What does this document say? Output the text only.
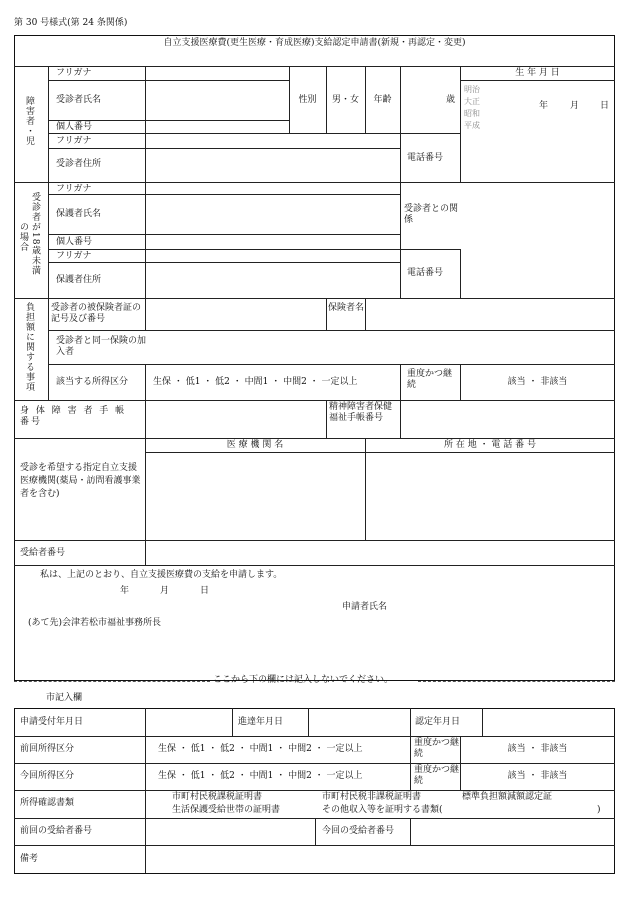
第 30 号様式(第 24 条関係)
自立支援医療費(更生医療・育成医療)支給認定申請書(新規・再認定・変更)
障害者・児
フリガナ
受診者氏名	性別	男・女	年齢	歳
生 年 月 日
明治
大正
昭和
平成
年 月 日
個人番号
フリガナ
受診者住所
電話番号
受診者が18歳未満
の場合
フリガナ
保護者氏名	受診者との関係
個人番号
フリガナ
保護者住所
電話番号
負担額に関する事項 受診者の被保険者証の記号及び番号
保険者名
受診者と同一保険の加入者
該当する所得区分	生保 ・ 低1 ・ 低2 ・ 中間1 ・ 中間2 ・ 一定以上
重度かつ継続	該当 ・ 非該当
身 体 障 害 者 手 帳 番号
精神障害者保健福祉手帳番号
医 療 機 関 名	所 在 地 ・ 電 話 番 号
受診を希望する指定自立支援医療機関(薬局・訪問看護事業者を含む)
受給者番号
私は、上記のとおり、自立支援医療費の支給を申請します。
年	月	日
申請者氏名
(あて先)会津若松市福祉事務所長
ここから下の欄には記入しないでください。
市記入欄
申請受付年月日	進達年月日	認定年月日
前回所得区分	生保 ・ 低1 ・ 低2 ・ 中間1 ・ 中間2 ・ 一定以上
重度かつ継続	該当 ・ 非該当
今回所得区分	生保 ・ 低1 ・ 低2 ・ 中間1 ・ 中間2 ・ 一定以上
重度かつ継続	該当 ・ 非該当
所得確認書類
市町村民税課税証明書	市町村民税非課税証明書	標準負担額減額認定証
生活保護受給世帯の証明書	その他収入等を証明する書類(	)
前回の受給者番号	今回の受給者番号
備考
